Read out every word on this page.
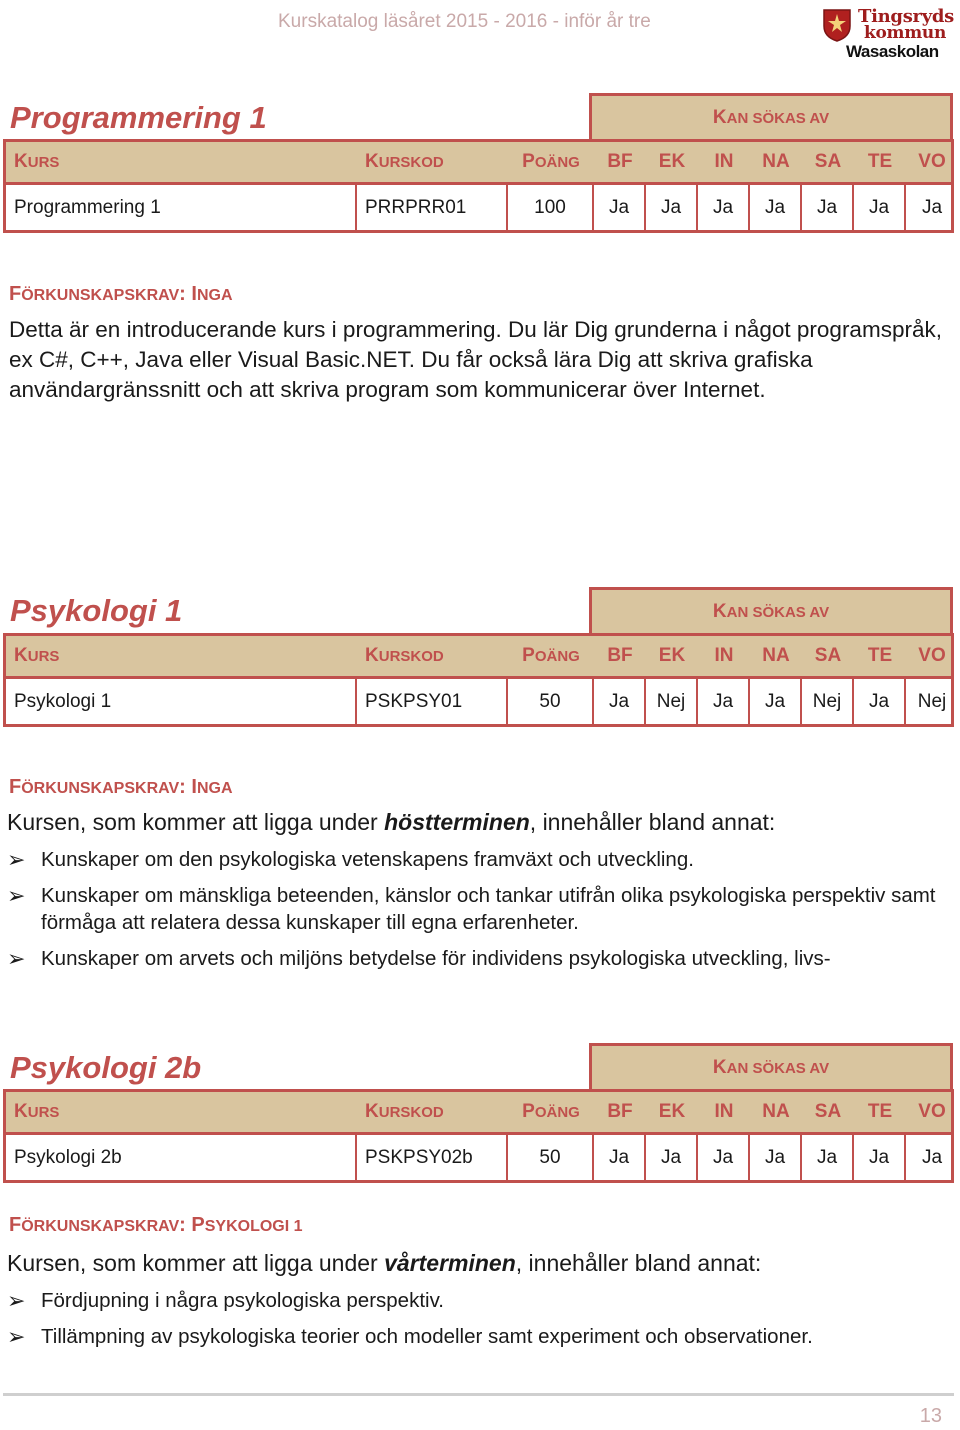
Kurskatalog läsåret 2015 - 2016 - inför år tre	Tingsryds
kommun
Wasaskolan
Programmering 1	KAN SÖKAS AV
KURS	KURSKOD	POÄNG	BF	EK	IN	NA	SA	TE	VO
Programmering 1	PRRPRR01	100	Ja	Ja	Ja	Ja	Ja	Ja	Ja
FÖRKUNSKAPSKRAV: INGA
Detta är en introducerande kurs i programmering. Du lär Dig grunderna i något programspråk, ex C#, C++, Java eller Visual Basic.NET. Du får också lära Dig att skriva grafiska användargränssnitt och att skriva program som kommunicerar över Internet.
Psykologi 1	KAN SÖKAS AV
KURS	KURSKOD	POÄNG	BF	EK	IN	NA	SA	TE	VO
Psykologi 1	PSKPSY01	50	Ja	Nej	Ja	Ja	Nej	Ja	Nej
FÖRKUNSKAPSKRAV: INGA
Kursen, som kommer att ligga under höstterminen, innehåller bland annat:
➢ Kunskaper om den psykologiska vetenskapens framväxt och utveckling.
➢ Kunskaper om mänskliga beteenden, känslor och tankar utifrån olika psykologiska perspektiv samt förmåga att relatera dessa kunskaper till egna erfarenheter.
➢ Kunskaper om arvets och miljöns betydelse för individens psykologiska utveckling, livs-
Psykologi 2b	KAN SÖKAS AV
KURS	KURSKOD	POÄNG	BF	EK	IN	NA	SA	TE	VO
Psykologi 2b	PSKPSY02b	50	Ja	Ja	Ja	Ja	Ja	Ja	Ja
FÖRKUNSKAPSKRAV: PSYKOLOGI 1
Kursen, som kommer att ligga under vårterminen, innehåller bland annat:
➢ Fördjupning i några psykologiska perspektiv.
➢ Tillämpning av psykologiska teorier och modeller samt experiment och observationer.
13
